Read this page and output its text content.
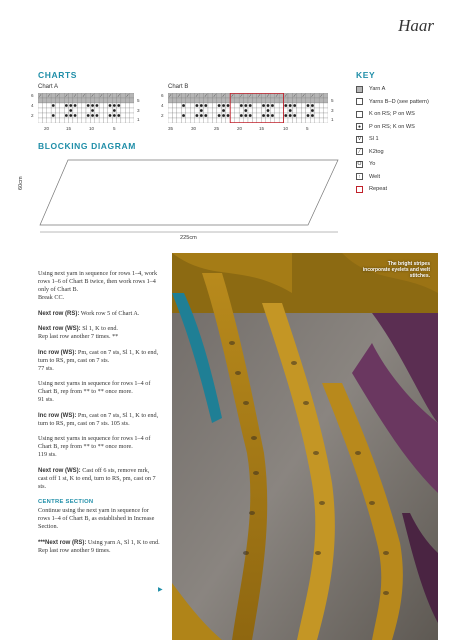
Haar
CHARTS
Chart A
6
4
2
5
3
1
20	15	10	5
Chart B
6
4
2
5
3
1
35	30	25	20	15	10	5
KEY
Yarn A
Yarns B–D (see pattern)
K on RS; P on WS
●	P on RS; K on WS
V	Sl 1
⁄	K2tog
O Yo
↑	Welt
Repeat
BLOCKING DIAGRAM
60cm
225cm

Using next yarn in sequence for rows 1–4, work rows 1–6 of Chart B twice, then work rows 1–4 only of Chart B.
Break CC.

Next row (RS): Work row 5 of Chart A.

Next row (WS): Sl 1, K to end.
Rep last row another 7 times. **

Inc row (WS): Pm, cast on 7 sts, Sl 1, K to end, turn to RS, pm, cast on 7 sts.
77 sts.

Using next yarns in sequence for rows 1–4 of Chart B, rep from ** to ** once more.
91 sts.

Inc row (WS): Pm, cast on 7 sts, Sl 1, K to end, turn to RS, pm, cast on 7 sts. 105 sts.

Using next yarns in sequence for rows 1–4 of Chart B, rep from ** to ** once more.
119 sts.

Next row (WS): Cast off 6 sts, remove mrk, cast off 1 st, K to end, turn to RS, pm, cast on 7 sts.

CENTRE SECTION

Continue using the next yarn in sequence for rows 1–4 of Chart B, as established in Increase Section.

***Next row (RS): Using yarn A, Sl 1, K to end.
Rep last row another 9 times.

▶
The bright stripes incorporate eyelets and welt stitches.
